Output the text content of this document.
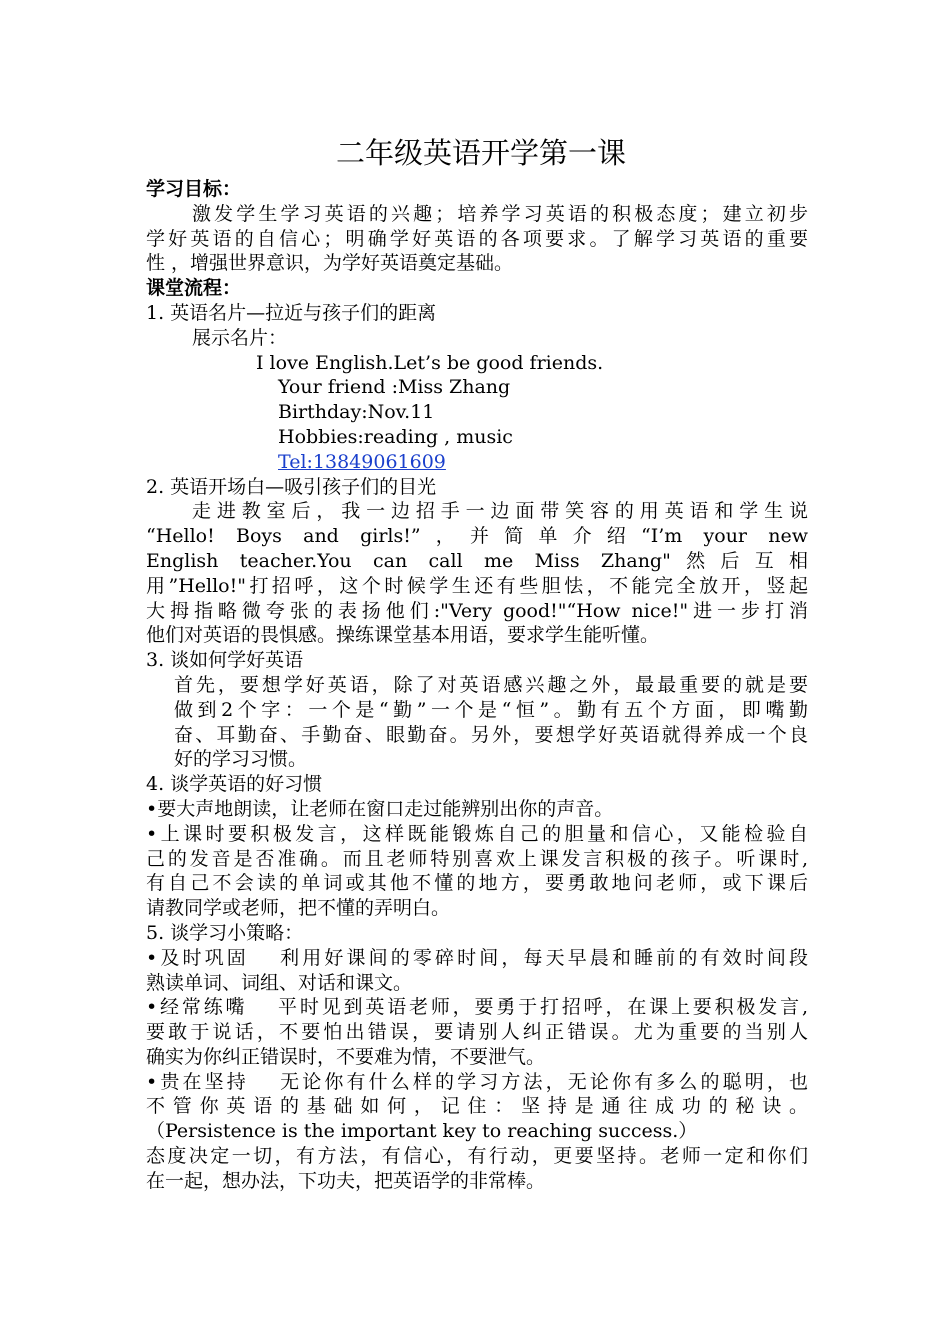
二年级英语开学第一课
学习目标：
激发学生学习英语的兴趣；培养学习英语的积极态度；建立初步
学好英语的自信心；明确学好英语的各项要求。了解学习英语的重要
性 ，增强世界意识，为学好英语奠定基础。
课堂流程：
1. 英语名片—拉近与孩子们的距离
展示名片：
I love English.Let’s be good friends.
Your friend :Miss Zhang
Birthday:Nov.11
Hobbies:reading , music
Tel:13849061609
2. 英语开场白—吸引孩子们的目光
走进教室后，我一边招手一边面带笑容的用英语和学生说
“Hello! Boys and girls!”，并简单介绍“I’m your new
English teacher.You can call me Miss Zhang"然后互相
用”Hello!"打招呼，这个时候学生还有些胆怯，不能完全放开，竖起
大拇指略微夸张的表扬他们:"Very good!"“How nice!"进一步打消
他们对英语的畏惧感。操练课堂基本用语，要求学生能听懂。
3. 谈如何学好英语
首先，要想学好英语，除了对英语感兴趣之外，最最重要的就是要
做到2个字：一个是“勤”一个是“恒”。勤有五个方面，即嘴勤
奋、耳勤奋、手勤奋、眼勤奋。另外，要想学好英语就得养成一个良
好的学习习惯。
4. 谈学英语的好习惯
•要大声地朗读，让老师在窗口走过能辨别出你的声音。
•上课时要积极发言，这样既能锻炼自己的胆量和信心，又能检验自
己的发音是否准确。而且老师特别喜欢上课发言积极的孩子。听课时,
有自己不会读的单词或其他不懂的地方，要勇敢地问老师，或下课后
请教同学或老师，把不懂的弄明白。
5. 谈学习小策略：
•及时巩固　 利用好课间的零碎时间，每天早晨和睡前的有效时间段
熟读单词、词组、对话和课文。
•经常练嘴　 平时见到英语老师，要勇于打招呼，在课上要积极发言,
要敢于说话，不要怕出错误，要请别人纠正错误。尤为重要的当别人
确实为你纠正错误时，不要难为情，不要泄气。
•贵在坚持　 无论你有什么样的学习方法，无论你有多么的聪明，也
不管你英语的基础如何，记住：坚持是通往成功的秘诀。
（Persistence is the important key to reaching success.）
态度决定一切，有方法，有信心，有行动，更要坚持。老师一定和你们
在一起，想办法，下功夫，把英语学的非常棒。
